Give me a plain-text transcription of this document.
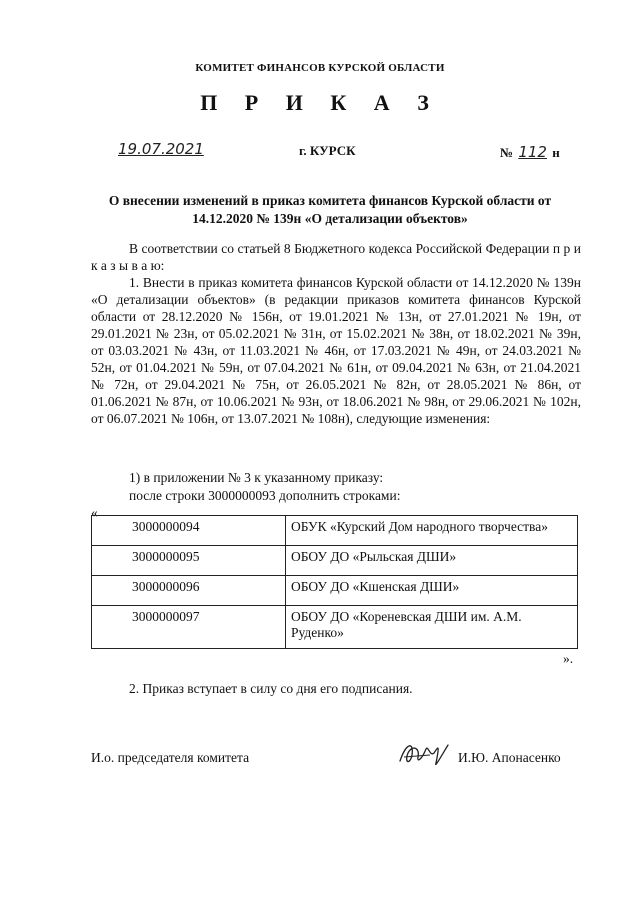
КОМИТЕТ ФИНАНСОВ КУРСКОЙ ОБЛАСТИ
П Р И К А З
19.07.2021	г. КУРСК	№ 112 н
О внесении изменений в приказ комитета финансов Курской области от 14.12.2020 № 139н «О детализации объектов»
В соответствии со статьей 8 Бюджетного кодекса Российской Федерации п р и к а з ы в а ю:
1. Внести в приказ комитета финансов Курской области от 14.12.2020 № 139н «О детализации объектов» (в редакции приказов комитета финансов Курской области от 28.12.2020 № 156н, от 19.01.2021 № 13н, от 27.01.2021 № 19н, от 29.01.2021 № 23н, от 05.02.2021 № 31н, от 15.02.2021 № 38н, от 18.02.2021 № 39н, от 03.03.2021 № 43н, от 11.03.2021 № 46н, от 17.03.2021 № 49н, от 24.03.2021 № 52н, от 01.04.2021 № 59н, от 07.04.2021 № 61н, от 09.04.2021 № 63н, от 21.04.2021 № 72н, от 29.04.2021 № 75н, от 26.05.2021 № 82н, от 28.05.2021 № 86н, от 01.06.2021 № 87н, от 10.06.2021 № 93н, от 18.06.2021 № 98н, от 29.06.2021 № 102н, от 06.07.2021 № 106н, от 13.07.2021 № 108н), следующие изменения:
1) в приложении № 3 к указанному приказу:
после строки 3000000093 дополнить строками:
«
3000000094	ОБУК «Курский Дом народного творчества»
3000000095	ОБОУ ДО «Рыльская ДШИ»
3000000096	ОБОУ ДО «Кшенская ДШИ»
3000000097	ОБОУ ДО «Кореневская ДШИ им. А.М. Руденко»
».
2. Приказ вступает в силу со дня его подписания.
И.о. председателя комитета	И.Ю. Апонасенко
